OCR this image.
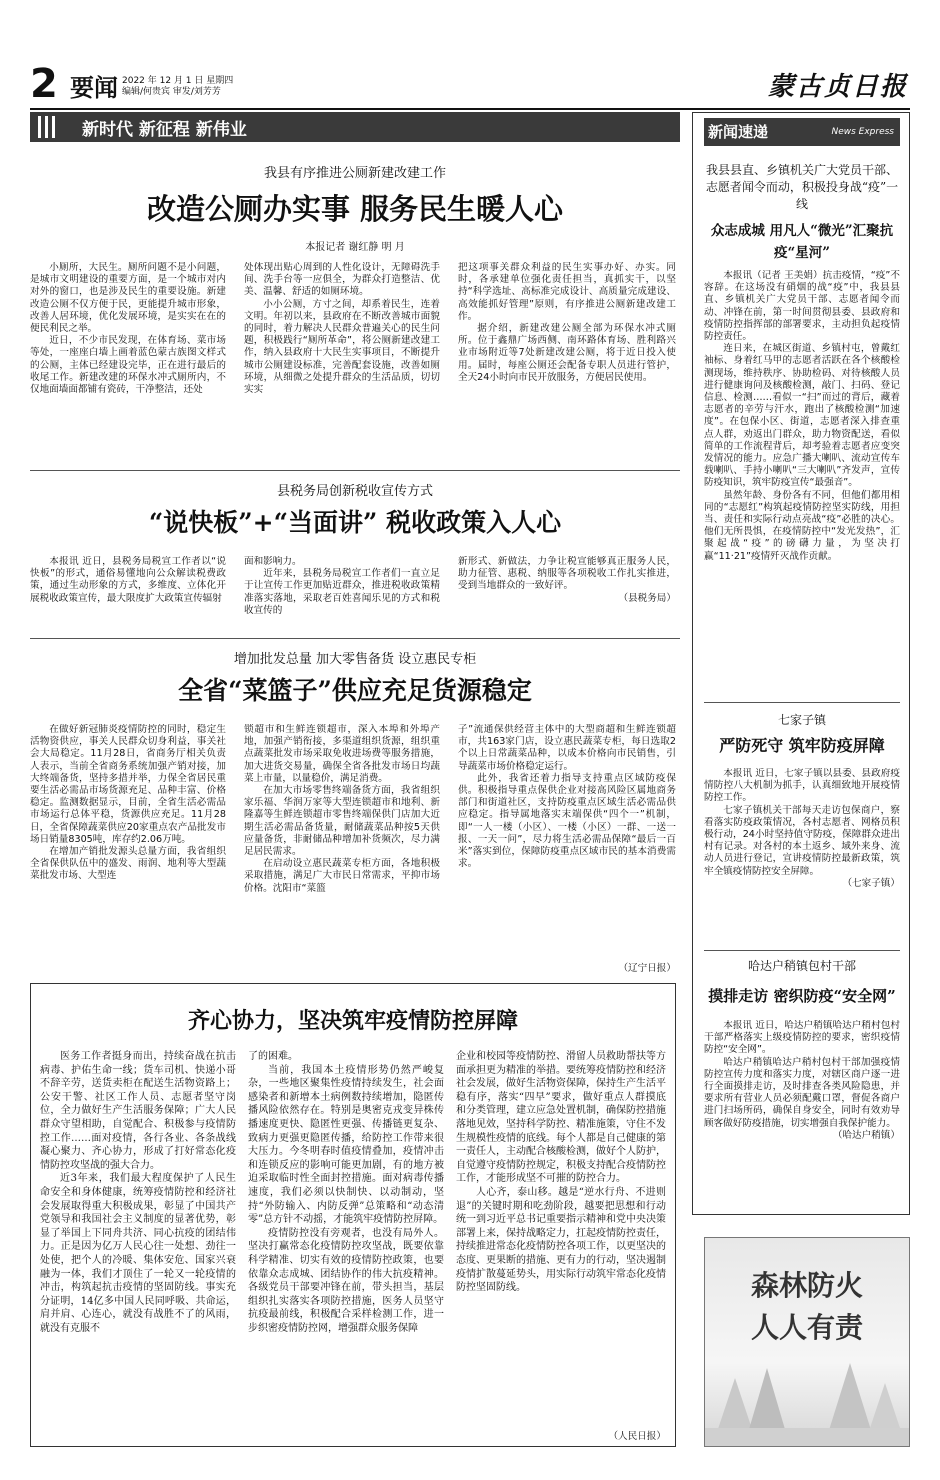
2 要闻 2022 年 12 月 1 日 星期四
编辑/何贵宾 审发/刘芳芳	蒙古贞日报
新时代 新征程 新伟业
我县有序推进公厕新建改建工作
改造公厕办实事 服务民生暖人心
本报记者 谢红静 明 月

小厕所，大民生。厕所问题不是小问题，是城市文明建设的重要方面，是一个城市对内对外的窗口，也是涉及民生的重要设施。新建改造公厕不仅方便于民，更能提升城市形象，改善人居环境，优化发展环境，是实实在在的便民利民之举。

近日，不少市民发现，在体育场、菜市场等处，一座座白墙上画着蓝色蒙古族图文样式的公厕，主体已经建设完毕，正在进行最后的收尾工作。新建改建的环保水冲式厕所内，不仅地面墙面都铺有瓷砖，干净整洁，还处

处体现出贴心周到的人性化设计，无障碍洗手间、洗手台等一应俱全，为群众打造整洁、优美、温馨、舒适的如厕环境。

小小公厕，方寸之间，却系着民生，连着文明。年初以来，县政府在不断改善城市面貌的同时，着力解决人民群众普遍关心的民生问题，积极践行“厕所革命”，将公厕新建改建工作，纳入县政府十大民生实事项目，不断提升城市公厕建设标准，完善配套设施，改善如厕环境，从细微之处提升群众的生活品质，切切实实

把这项事关群众利益的民生实事办好、办实。同时，各承建单位强化责任担当，真抓实干，以坚持“科学选址、高标准完成设计、高质量完成建设、高效能抓好管理”原则，有序推进公厕新建改建工作。

据介绍，新建改建公厕全部为环保水冲式厕所。位于鑫鼎广场西侧、南环路体育场、胜利路兴业市场附近等7处新建改建公厕，将于近日投入使用。届时，每座公厕还会配备专职人员进行管护，全天24小时向市民开放服务，方便居民使用。

县税务局创新税收宣传方式
“说快板”+“当面讲” 税收政策入人心

本报讯 近日，县税务局税宣工作者以“说快板”的形式，通俗易懂地向公众解读税费政策，通过生动形象的方式，多维度、立体化开展税收政策宣传，最大限度扩大政策宣传辐射

面和影响力。

近年来，县税务局税宣工作者们一直立足于让宣传工作更加贴近群众，推进税收政策精准落实落地，采取老百姓喜闻乐见的方式和税收宣传的

新形式、新做法，力争让税宣能够真正服务人民，助力征管、惠税、纳服等各项税收工作扎实推进，受到当地群众的一致好评。

（县税务局）
增加批发总量 加大零售备货 设立惠民专柜
全省“菜篮子”供应充足货源稳定

在做好新冠肺炎疫情防控的同时，稳定生活物资供应，事关人民群众切身利益，事关社会大局稳定。11月28日，省商务厅相关负责人表示，当前全省商务系统加强产销对接，加大终端备货，坚持多措并举，力保全省居民重要生活必需品市场货源充足、品种丰富、价格稳定。监测数据显示，目前，全省生活必需品市场运行总体平稳，货源供应充足。11月28日，全省保障蔬菜供应20家重点农产品批发市场日销量8305吨，库存约2.06万吨。

在增加产销批发源头总量方面，我省组织全省保供队伍中的盛发、雨润、地利等大型蔬菜批发市场、大型连

锁超市和生鲜连锁超市，深入本埠和外埠产地，加强产销衔接，多渠道组织货源，组织重点蔬菜批发市场采取免收进场费等服务措施，加大进货交易量，确保全省各批发市场日均蔬菜上市量，以量稳价，满足消费。

在加大市场零售终端备货方面，我省组织家乐福、华润万家等大型连锁超市和地利、新隆嘉等生鲜连锁超市零售终端保供门店加大近期生活必需品备货量，耐储蔬菜品种按5天供应量备货，非耐储品种增加补货频次，尽力满足居民需求。

在启动设立惠民蔬菜专柜方面，各地积极采取措施，满足广大市民日常需求，平抑市场价格。沈阳市“菜篮

子”流通保供经营主体中的大型商超和生鲜连锁超市，共163家门店，设立惠民蔬菜专柜，每日选取2个以上日常蔬菜品种，以成本价格向市民销售，引导蔬菜市场价格稳定运行。

此外，我省还着力指导支持重点区域防疫保供。积极指导重点保供企业对接高风险区属地商务部门和街道社区，支持防疫重点区域生活必需品供应稳定。指导属地落实末端保供“四个一”机制，即“一人一楼（小区）、一楼（小区）一群、一送一报、一天一问”，尽力将生活必需品保障“最后一百米”落实到位，保障防疫重点区域市民的基本消费需求。

（辽宁日报）
齐心协力，坚决筑牢疫情防控屏障

医务工作者挺身而出，持续奋战在抗击病毒、护佑生命一线；货车司机、快递小哥不辞辛劳，送货卖柜在配送生活物资路上；公安干警、社区工作人员、志愿者坚守岗位，全力做好生产生活服务保障；广大人民群众守望相助，自觉配合、积极参与疫情防控工作……面对疫情，各行各业、各条战线凝心聚力、齐心协力，形成了打好常态化疫情防控攻坚战的强大合力。

近3年来，我们最大程度保护了人民生命安全和身体健康，统筹疫情防控和经济社会发展取得重大积极成果，彰显了中国共产党领导和我国社会主义制度的显著优势，彰显了举国上下同舟共济、同心抗疫的团结伟力。正是因为亿万人民心往一处想、劲往一处使，把个人的冷暖、集体安危、国家兴衰融为一体，我们才顶住了一轮又一轮疫情的冲击，构筑起抗击疫情的坚固防线。事实充分证明，14亿多中国人民同呼吸、共命运，肩并肩、心连心，就没有战胜不了的风雨，就没有克服不

了的困难。

当前，我国本土疫情形势仍然严峻复杂，一些地区聚集性疫情持续发生，社会面感染者和新增本土病例数持续增加，隐匿传播风险依然存在。特别是奥密克戎变异株传播速度更快、隐匿性更强、传播链更复杂、致病力更强更隐匿传播，给防控工作带来很大压力。今冬明春时值疫情叠加，疫情冲击和连锁反应的影响可能更加剧，有的地方被迫采取临时性全面封控措施。面对病毒传播速度，我们必须以快制快、以动制动，坚持“外防输入、内防反弹”总策略和“动态清零”总方针不动摇，才能筑牢疫情防控屏障。

疫情防控没有旁观者，也没有局外人。坚决打赢常态化疫情防控攻坚战，既要依靠科学精准、切实有效的疫情防控政策，也要依靠众志成城、团结协作的伟大抗疫精神。各级党员干部要冲锋在前，带头担当，基层组织扎实落实各项防控措施，医务人员坚守抗疫最前线，积极配合采样检测工作，进一步织密疫情防控网，增强群众服务保障

企业和校园等疫情防控、滑留人员救助帮扶等方面承担更为精准的举措。要统筹疫情防控和经济社会发展，做好生活物资保障，保持生产生活平稳有序，落实“四早”要求，做好重点人群摸底和分类管理，建立应急处置机制，确保防控措施落地见效，坚持科学防控、精准施策，守住不发生规模性疫情的底线。每个人都是自己健康的第一责任人，主动配合核酸检测，做好个人防护，自觉遵守疫情防控规定，积极支持配合疫情防控工作，才能形成坚不可摧的防控合力。

人心齐，泰山移。越是“逆水行舟、不进则退”的关键时期和吃劲阶段，越要把思想和行动统一到习近平总书记重要指示精神和党中央决策部署上来，保持战略定力，扛起疫情防控责任，持续推进常态化疫情防控各项工作，以更坚决的态度、更果断的措施、更有力的行动，坚决遏制疫情扩散蔓延势头，用实际行动筑牢常态化疫情防控坚固防线。

（人民日报）
新闻速递	News Express
我县县直、乡镇机关广大党员干部、志愿者闻令而动，积极投身战“疫”一线
众志成城 用凡人“微光”汇聚抗疫“星河”

本报讯（记者 王美娟）抗击疫情，“疫”不容辞。在这场没有硝烟的战“疫”中，我县县直、乡镇机关广大党员干部、志愿者闻令而动、冲锋在前，第一时间贯彻县委、县政府和疫情防控指挥部的部署要求，主动担负起疫情防控责任。

连日来，在城区街道、乡镇村屯，曾戴红袖标、身着红马甲的志愿者活跃在各个核酸检测现场，维持秩序、协助检码、对待核酸人员进行健康询问及核酸检测，敲门、扫码、登记信息、检测……看似一“扫”而过的背后，藏着志愿者的辛劳与汗水，跑出了核酸检测“加速度”。在包保小区、街道，志愿者深入排查重点人群，劝返出门群众，助力物资配送，看似简单的工作流程背后，却考验着志愿者应变突发情况的能力。应急广播大喇叭、流动宣传车载喇叭、手持小喇叭“三大喇叭”齐发声，宣传防疫知识，筑牢防疫宣传“最强音”。

虽然年龄、身份各有不同，但他们都用相同的“志愿红”构筑起疫情防控坚实防线，用担当、责任和实际行动点亮战“疫”必胜的决心。他们无所畏惧，在疫情防控中“发光发热”，汇聚起战“疫”的磅礴力量，为坚决打赢“11·21”疫情歼灭战作贡献。

七家子镇
严防死守 筑牢防疫屏障

本报讯 近日，七家子镇以县委、县政府疫情防控八大机制为抓手，认真细致地开展疫情防控工作。

七家子镇机关干部每天走访包保商户，察看落实防疫政策情况，各村志愿者、网格员积极行动，24小时坚持值守防疫，保障群众进出村有记录。对各村的本土返乡、域外来身、流动人员进行登记，宣讲疫情防控最新政策，筑牢全镇疫情防控安全屏障。

（七家子镇）
哈达户稍镇包村干部
摸排走访 密织防疫“安全网”

本报讯 近日，哈达户稍镇哈达户稍村包村干部严格落实上级疫情防控的要求，密织疫情防控“安全网”。

哈达户稍镇哈达户稍村包村干部加强疫情防控宣传力度和落实力度，对辖区商户逐一进行全面摸排走访，及时排查各类风险隐患，并要求所有营业人员必须配戴口罩，督促各商户进门扫场所码，确保自身安全，同时有效劝导顾客做好防疫措施，切实增强自我保护能力。

（哈达户稍镇）
森林防火
人人有责
